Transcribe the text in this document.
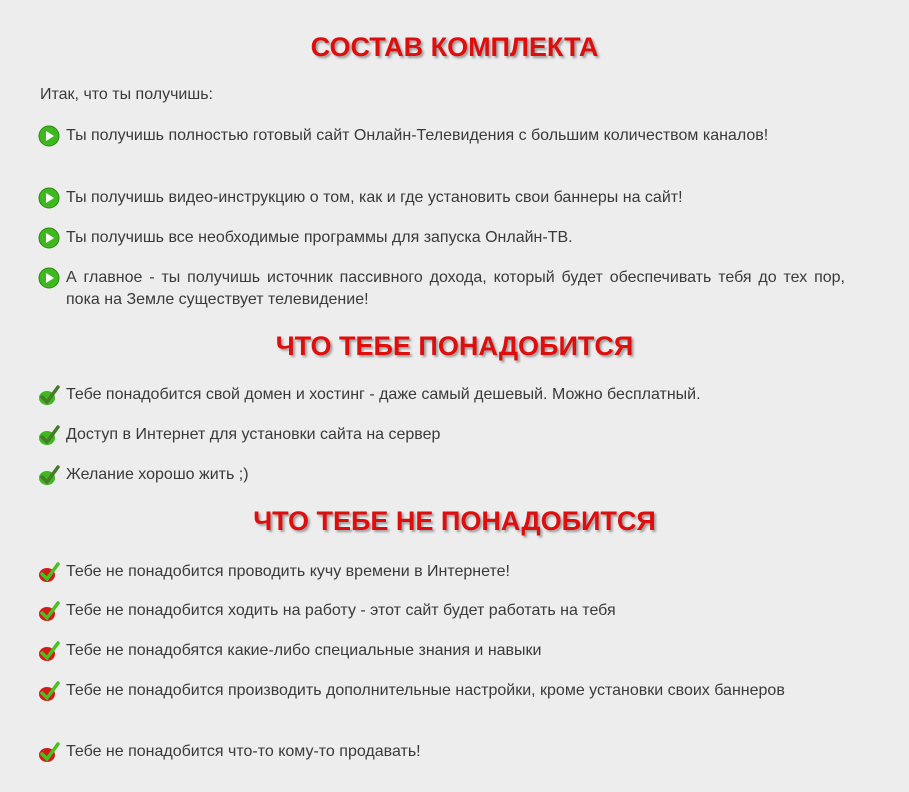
СОСТАВ КОМПЛЕКТА

Итак, что ты получишь:

Ты получишь полностью готовый сайт Онлайн-Телевидения с большим количеством каналов!
Ты получишь видео-инструкцию о том, как и где установить свои баннеры на сайт!
Ты получишь все необходимые программы для запуска Онлайн-ТВ.
А главное - ты получишь источник пассивного дохода, который будет обеспечивать тебя до тех пор, пока на Земле существует телевидение!
ЧТО ТЕБЕ ПОНАДОБИТСЯ
Тебе понадобится свой домен и хостинг - даже самый дешевый. Можно бесплатный.
Доступ в Интернет для установки сайта на сервер
Желание хорошо жить ;)
ЧТО ТЕБЕ НЕ ПОНАДОБИТСЯ
Тебе не понадобится проводить кучу времени в Интернете!
Тебе не понадобится ходить на работу - этот сайт будет работать на тебя
Тебе не понадобятся какие-либо специальные знания и навыки
Тебе не понадобится производить дополнительные настройки, кроме установки своих баннеров
Тебе не понадобится что-то кому-то продавать!
